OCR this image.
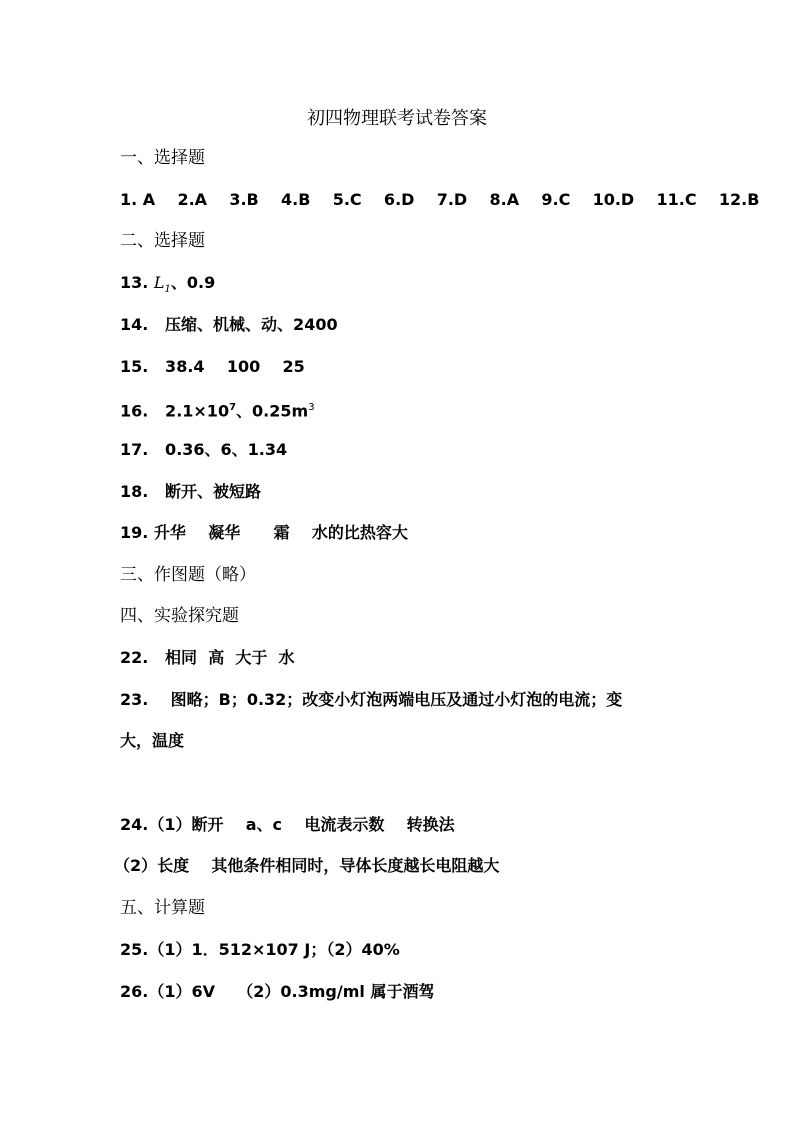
初四物理联考试卷答案
一、选择题
1. A    2.A    3.B    4.B    5.C    6.D    7.D    8.A    9.C    10.D    11.C    12.B
二、选择题
13. $L_1$、0.9
14.   压缩、机械、动、2400
15.   38.4    100    25
16.   $2.1\times 10^7$、$0.25m^3$
17.   0.36、6、1.34
18.   断开、被短路
19. 升华    凝华      霜    水的比热容大
三、作图题（略）
四、实验探究题
22.   相同  高  大于  水
23.    图略；B；0.32；改变小灯泡两端电压及通过小灯泡的电流；变
大，温度
24.（1）断开    a、c    电流表示数    转换法
（2）长度    其他条件相同时，导体长度越长电阻越大
五、计算题
25.（1）1．512×107 J；（2）40%
26.（1）6V    （2）0.3mg/ml 属于酒驾
